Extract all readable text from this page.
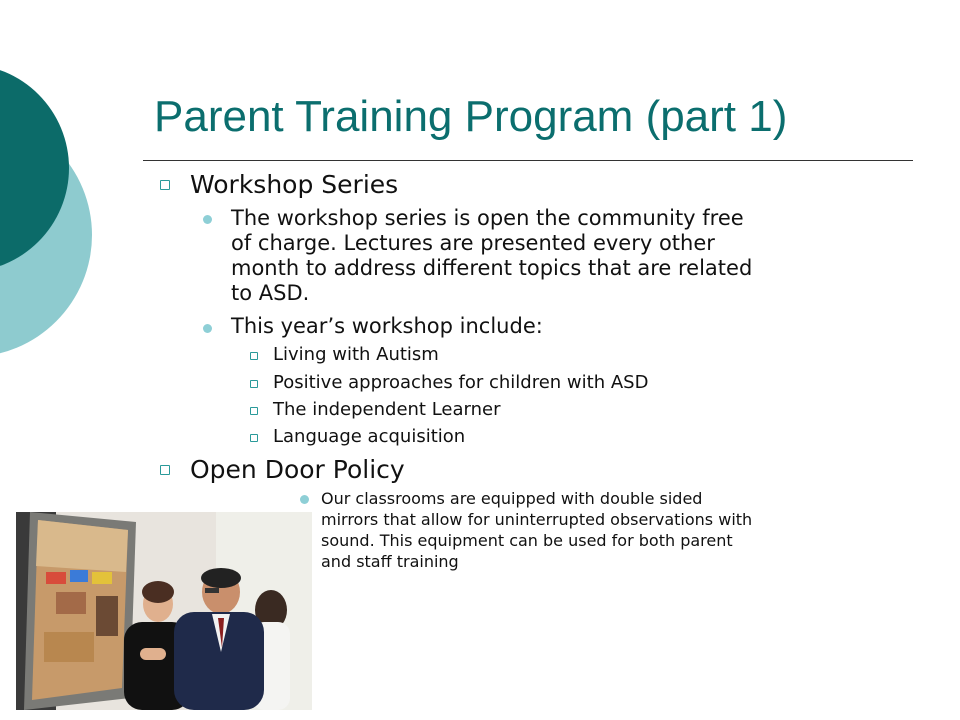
Parent Training Program (part 1)
Workshop Series
The workshop series is open the community free
of charge. Lectures are presented every other
month to address different topics that are related
to ASD.
This year’s workshop include:
Living with Autism
Positive approaches for children with ASD
The independent Learner
Language acquisition
Open Door Policy
Our classrooms are equipped with double sided
mirrors that allow for uninterrupted observations with
sound. This equipment can be used for both parent
and staff training
